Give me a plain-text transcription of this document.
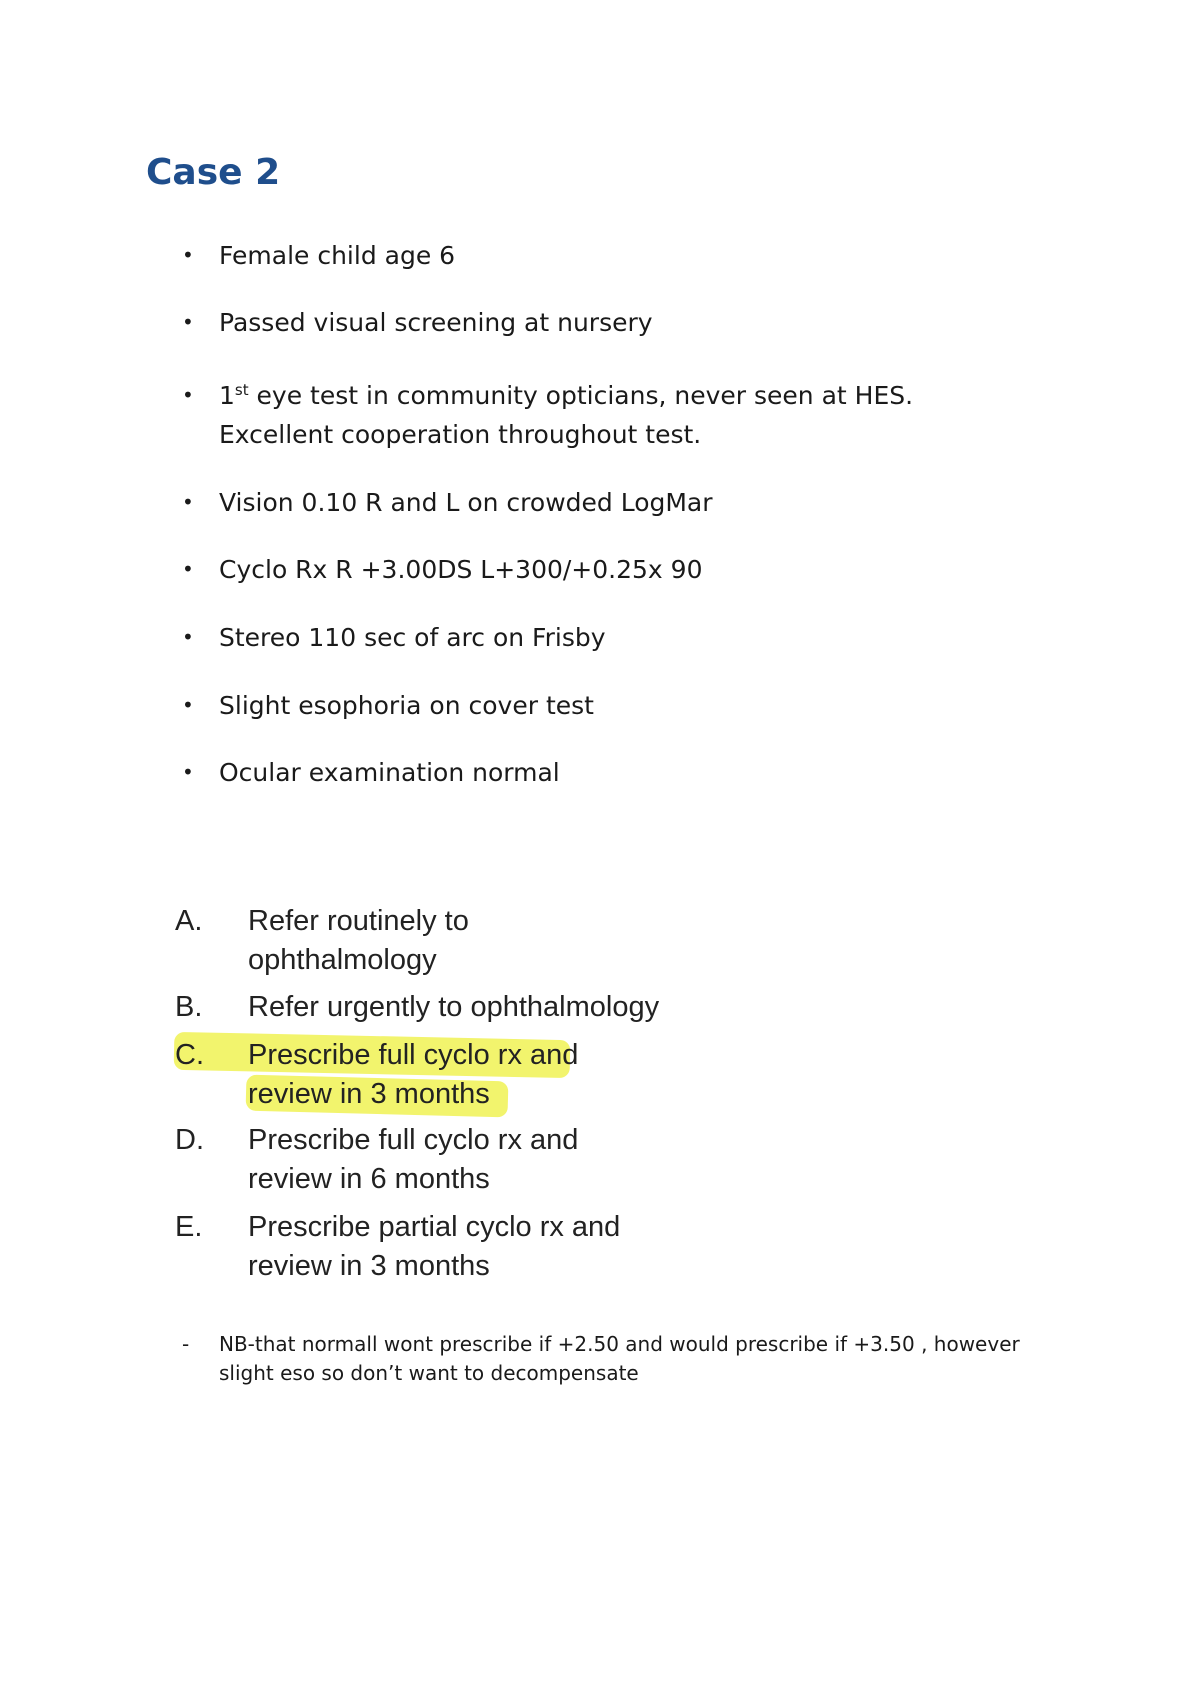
Case 2
• Female child age 6
• Passed visual screening at nursery
• 1st eye test in community opticians, never seen at HES.
Excellent cooperation throughout test.
• Vision 0.10 R and L on crowded LogMar
• Cyclo Rx R +3.00DS L+300/+0.25x 90
• Stereo 110 sec of arc on Frisby
• Slight esophoria on cover test
• Ocular examination normal
A. Refer routinely to
ophthalmology
B. Refer urgently to ophthalmology
C. Prescribe full cyclo rx and
review in 3 months
D. Prescribe full cyclo rx and
review in 6 months
E. Prescribe partial cyclo rx and
review in 3 months
- NB-that normall wont prescribe if +2.50 and would prescribe if +3.50 , however slight eso so don’t want to decompensate
